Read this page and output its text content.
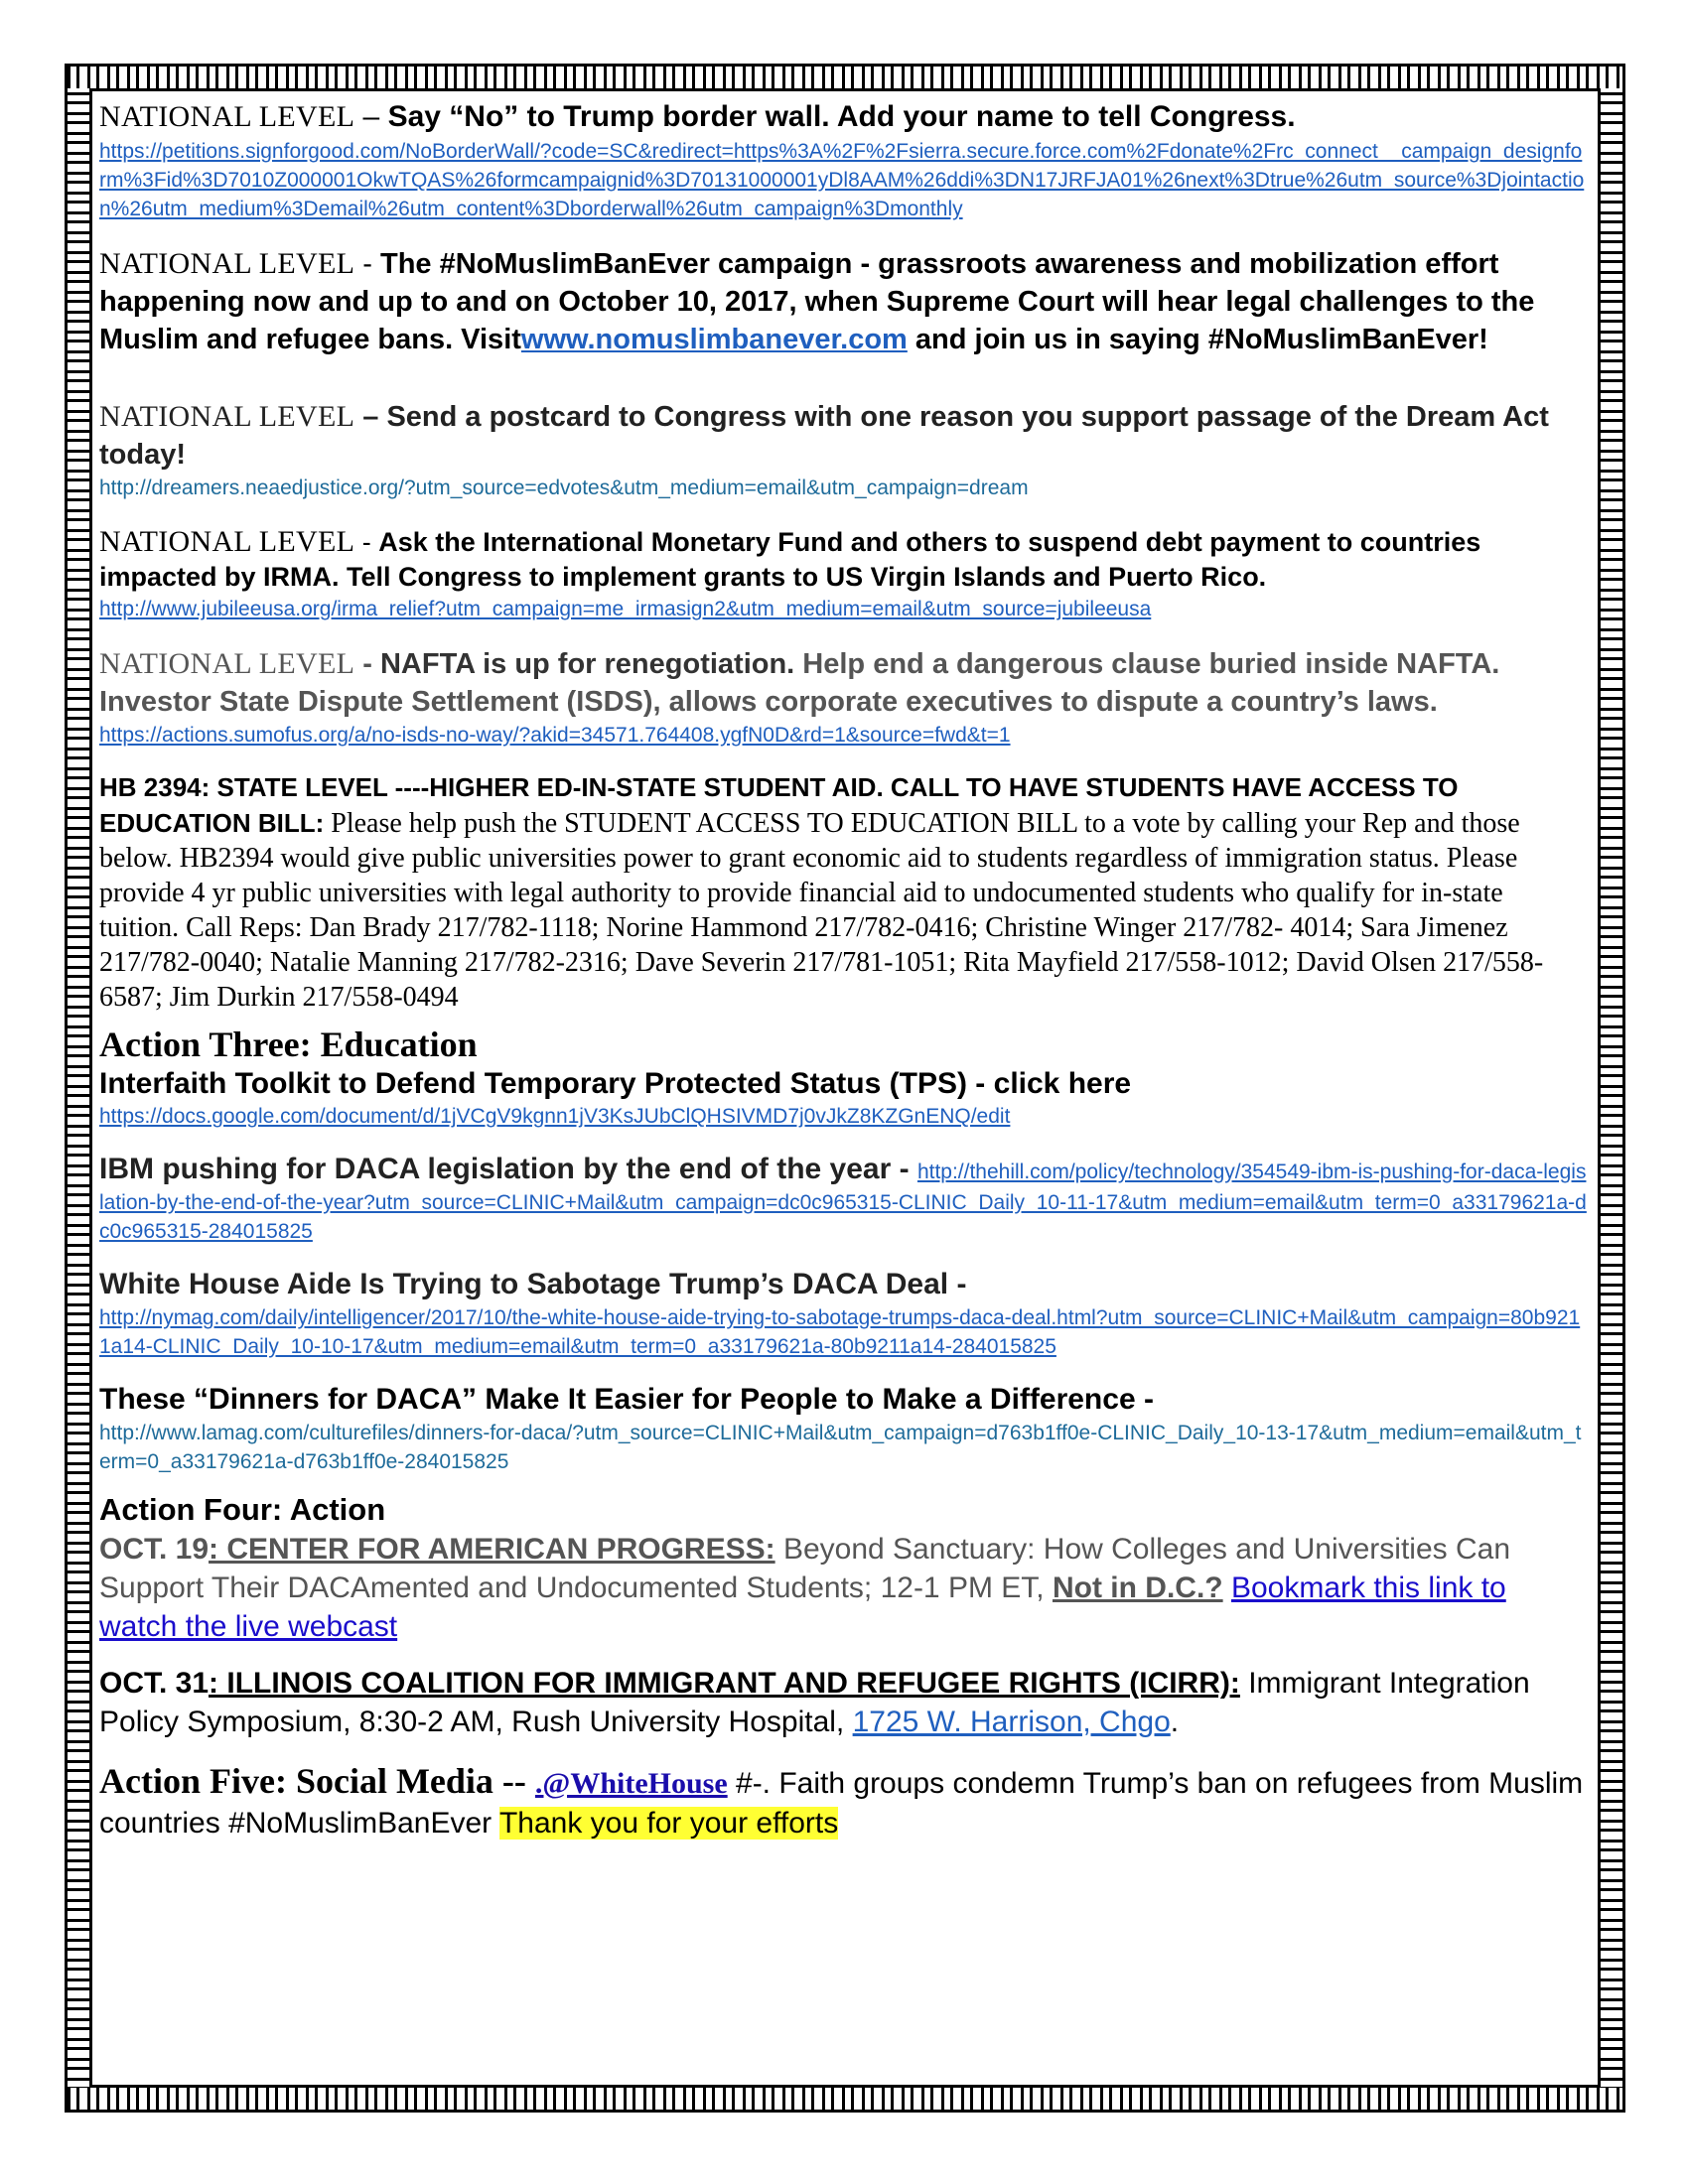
NATIONAL LEVEL – Say “No” to Trump border wall. Add your name to tell Congress.
https://petitions.signforgood.com/NoBorderWall/?code=SC&redirect=https%3A%2F%2Fsierra.secure.force.com%2Fdonate%2Frc_connect__campaign_designform%3Fid%3D7010Z000001OkwTQAS%26formcampaignid%3D70131000001yDl8AAM%26ddi%3DN17JRFJA01%26next%3Dtrue%26utm_source%3Djointaction%26utm_medium%3Demail%26utm_content%3Dborderwall%26utm_campaign%3Dmonthly
NATIONAL LEVEL - The #NoMuslimBanEver campaign - grassroots awareness and mobilization effort happening now and up to and on October 10, 2017, when Supreme Court will hear legal challenges to the Muslim and refugee bans. Visitwww.nomuslimbanever.com and join us in saying #NoMuslimBanEver!
NATIONAL LEVEL – Send a postcard to Congress with one reason you support passage of the Dream Act today!
http://dreamers.neaedjustice.org/?utm_source=edvotes&utm_medium=email&utm_campaign=dream
NATIONAL LEVEL - Ask the International Monetary Fund and others to suspend debt payment to countries impacted by IRMA. Tell Congress to implement grants to US Virgin Islands and Puerto Rico.
http://www.jubileeusa.org/irma_relief?utm_campaign=me_irmasign2&utm_medium=email&utm_source=jubileeusa
NATIONAL LEVEL - NAFTA is up for renegotiation. Help end a dangerous clause buried inside NAFTA. Investor State Dispute Settlement (ISDS), allows corporate executives to dispute a country’s laws.
https://actions.sumofus.org/a/no-isds-no-way/?akid=34571.764408.ygfN0D&rd=1&source=fwd&t=1
HB 2394: STATE LEVEL ----HIGHER ED-IN-STATE STUDENT AID. CALL TO HAVE STUDENTS HAVE ACCESS TO EDUCATION BILL: Please help push the STUDENT ACCESS TO EDUCATION BILL to a vote by calling your Rep and those below. HB2394 would give public universities power to grant economic aid to students regardless of immigration status. Please provide 4 yr public universities with legal authority to provide financial aid to undocumented students who qualify for in-state tuition. Call Reps: Dan Brady 217/782-1118; Norine Hammond 217/782-0416; Christine Winger 217/782- 4014; Sara Jimenez 217/782-0040; Natalie Manning 217/782-2316; Dave Severin 217/781-1051; Rita Mayfield 217/558-1012; David Olsen 217/558-6587; Jim Durkin 217/558-0494
Action Three: Education
Interfaith Toolkit to Defend Temporary Protected Status (TPS) - click here
https://docs.google.com/document/d/1jVCgV9kgnn1jV3KsJUbClQHSIVMD7j0vJkZ8KZGnENQ/edit
IBM pushing for DACA legislation by the end of the year - http://thehill.com/policy/technology/354549-ibm-is-pushing-for-daca-legislation-by-the-end-of-the-year?utm_source=CLINIC+Mail&utm_campaign=dc0c965315-CLINIC_Daily_10-11-17&utm_medium=email&utm_term=0_a33179621a-dc0c965315-284015825
White House Aide Is Trying to Sabotage Trump’s DACA Deal -
http://nymag.com/daily/intelligencer/2017/10/the-white-house-aide-trying-to-sabotage-trumps-daca-deal.html?utm_source=CLINIC+Mail&utm_campaign=80b9211a14-CLINIC_Daily_10-10-17&utm_medium=email&utm_term=0_a33179621a-80b9211a14-284015825
These “Dinners for DACA” Make It Easier for People to Make a Difference -
http://www.lamag.com/culturefiles/dinners-for-daca/?utm_source=CLINIC+Mail&utm_campaign=d763b1ff0e-CLINIC_Daily_10-13-17&utm_medium=email&utm_term=0_a33179621a-d763b1ff0e-284015825
Action Four: Action
OCT. 19: CENTER FOR AMERICAN PROGRESS: Beyond Sanctuary: How Colleges and Universities Can Support Their DACAmented and Undocumented Students; 12-1 PM ET, Not in D.C.? Bookmark this link to watch the live webcast
OCT. 31: ILLINOIS COALITION FOR IMMIGRANT AND REFUGEE RIGHTS (ICIRR): Immigrant Integration Policy Symposium, 8:30-2 AM, Rush University Hospital, 1725 W. Harrison, Chgo.
Action Five: Social Media -- .@WhiteHouse #-. Faith groups condemn Trump’s ban on refugees from Muslim countries #NoMuslimBanEver Thank you for your efforts
